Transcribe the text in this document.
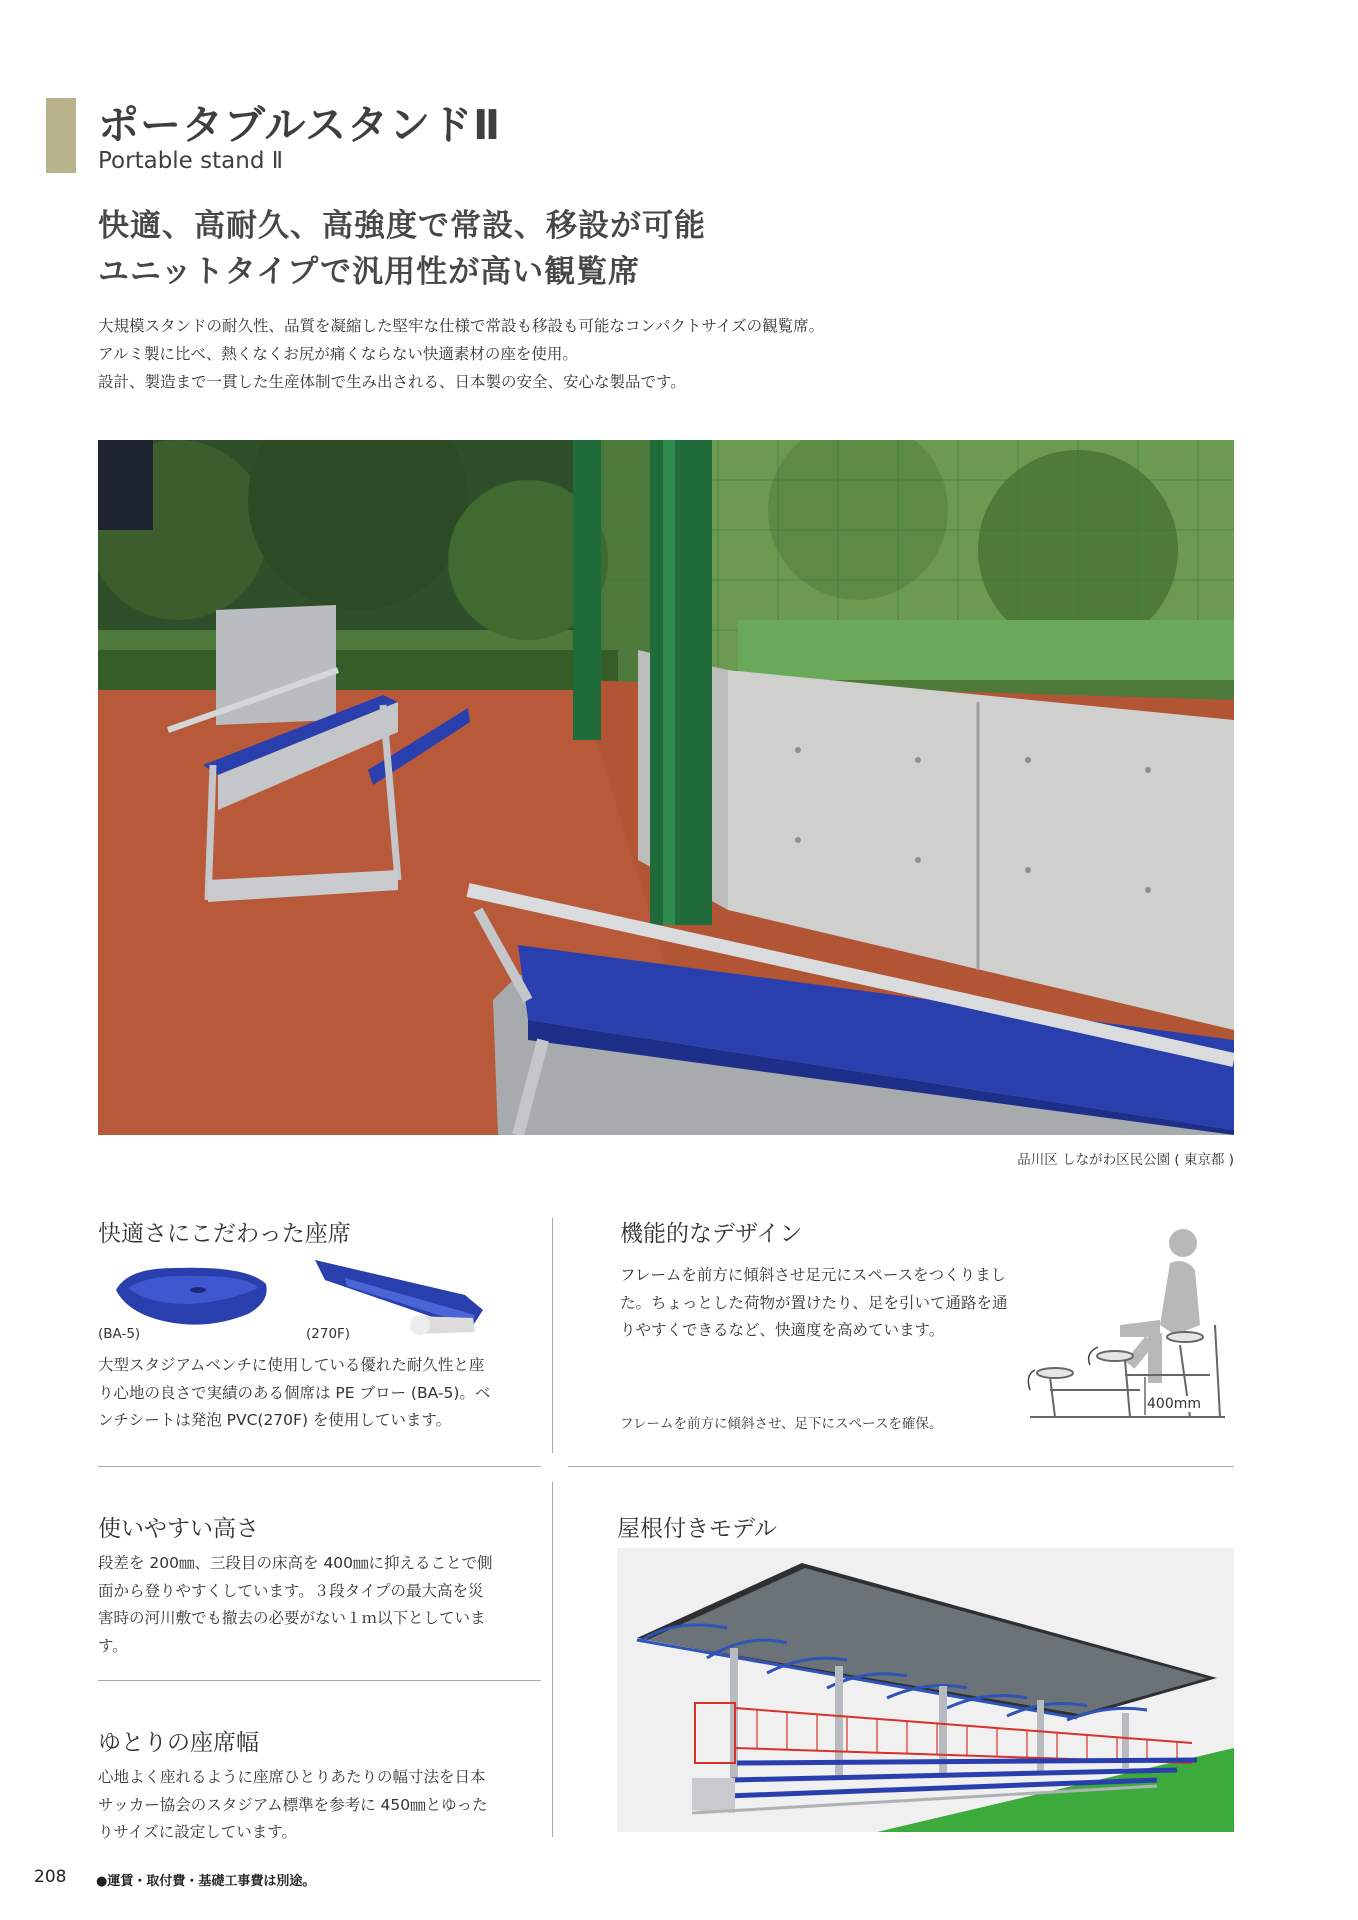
ポータブルスタンドⅡ
Portable stand Ⅱ
快適、高耐久、高強度で常設、移設が可能
ユニットタイプで汎用性が高い観覧席
大規模スタンドの耐久性、品質を凝縮した堅牢な仕様で常設も移設も可能なコンパクトサイズの観覧席。
アルミ製に比べ、熱くなくお尻が痛くならない快適素材の座を使用。
設計、製造まで一貫した生産体制で生み出される、日本製の安全、安心な製品です。
品川区 しながわ区民公園 ( 東京都 )
快適さにこだわった座席
(BA-5)	(270F)
大型スタジアムベンチに使用している優れた耐久性と座り心地の良さで実績のある個席は PE ブロー (BA-5)。ベンチシートは発泡 PVC(270F) を使用しています。
機能的なデザイン
フレームを前方に傾斜させ足元にスペースをつくりました。ちょっとした荷物が置けたり、足を引いて通路を通りやすくできるなど、快適度を高めています。
フレームを前方に傾斜させ、足下にスペースを確保。
400mm
使いやすい高さ
段差を 200㎜、三段目の床高を 400㎜に抑えることで側面から登りやすくしています。３段タイプの最大高を災害時の河川敷でも撤去の必要がない１ｍ以下としています。
ゆとりの座席幅
心地よく座れるように座席ひとりあたりの幅寸法を日本サッカー協会のスタジアム標準を参考に 450㎜とゆったりサイズに設定しています。
屋根付きモデル
208 ●運賃・取付費・基礎工事費は別途。
